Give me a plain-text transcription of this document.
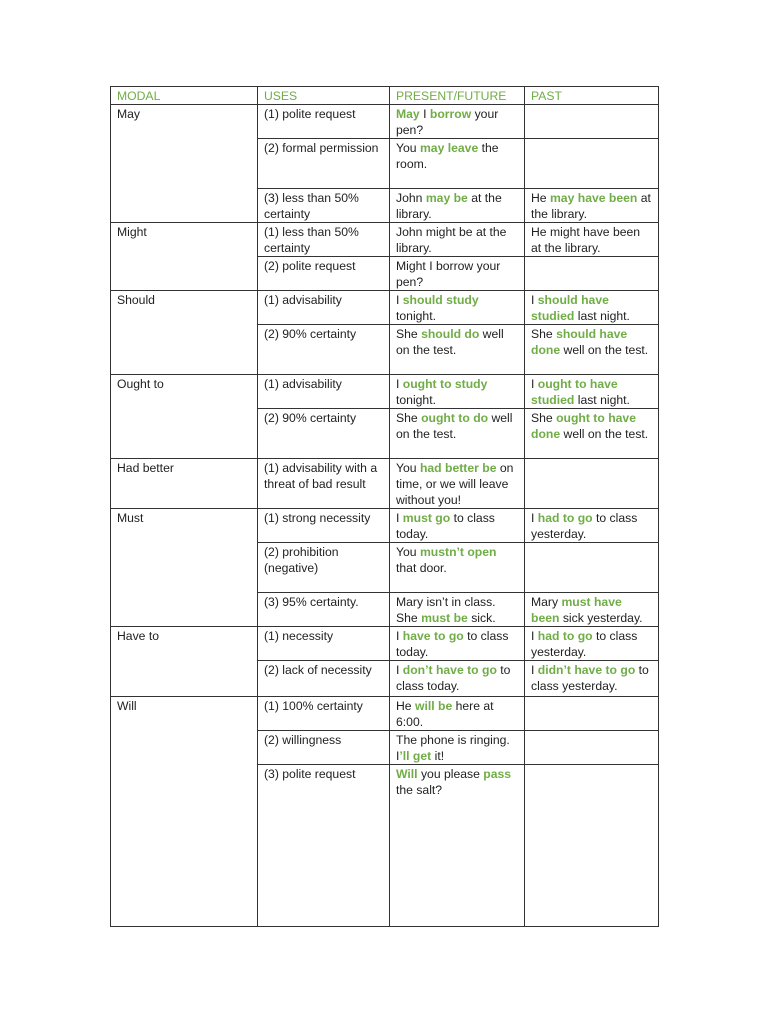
MODAL	USES	PRESENT/FUTURE	PAST
May	(1) polite request	May I borrow your pen?	
	(2) formal permission	You may leave the room.	
	(3) less than 50% certainty	John may be at the library.	He may have been at the library.
Might	(1) less than 50% certainty	John might be at the library.	He might have been at the library.
	(2) polite request	Might I borrow your pen?	
Should	(1) advisability	I should study tonight.	I should have studied last night.
	(2) 90% certainty	She should do well on the test.	She should have done well on the test.
Ought to	(1) advisability	I ought to study tonight.	I ought to have studied last night.
	(2) 90% certainty	She ought to do well on the test.	She ought to have done well on the test.
Had better	(1) advisability with a threat of bad result	You had better be on time, or we will leave without you!	
Must	(1) strong necessity	I must go to class today.	I had to go to class yesterday.
	(2) prohibition (negative)	You mustn’t open that door.	
	(3) 95% certainty.	Mary isn’t in class. She must be sick.	Mary must have been sick yesterday.
Have to	(1) necessity	I have to go to class today.	I had to go to class yesterday.
	(2) lack of necessity	I don’t have to go to class today.	I didn’t have to go to class yesterday.
Will	(1) 100% certainty	He will be here at 6:00.	
	(2) willingness	The phone is ringing. I’ll get it!	
	(3) polite request	Will you please pass the salt?	
